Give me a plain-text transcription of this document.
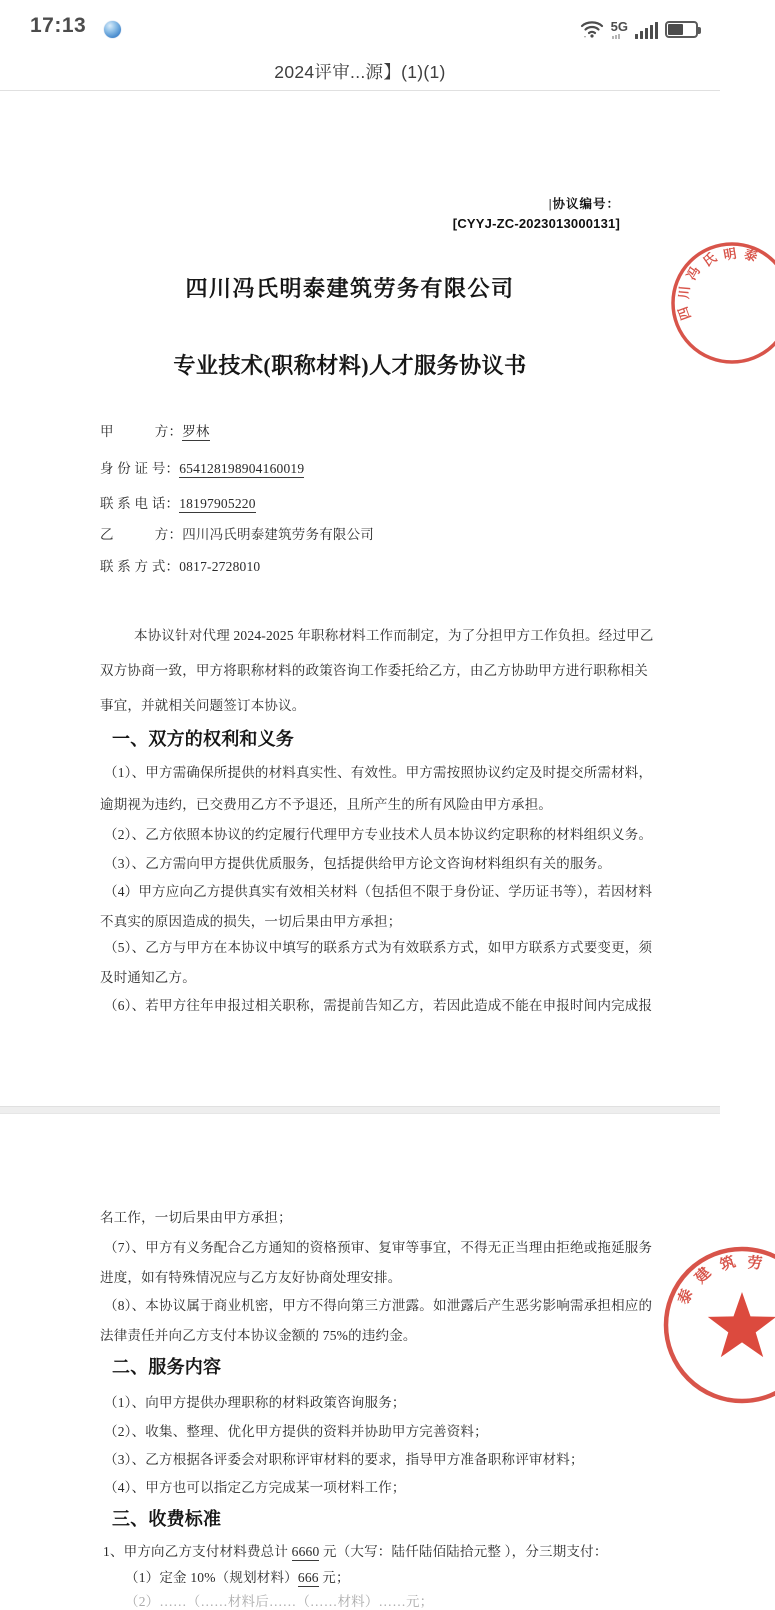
17:13	5G
2024评审...源】(1)(1)
|协议编号：
[CYYJ-ZC-2023013000131]
四川冯氏明泰建筑劳务有限公司
专业技术(职称材料)人才服务协议书
甲　　　方：罗林
身 份 证 号：654128198904160019
联 系 电 话：18197905220
乙　　　方：四川冯氏明泰建筑劳务有限公司
联 系 方 式：0817-2728010
本协议针对代理 2024-2025 年职称材料工作而制定，为了分担甲方工作负担。经过甲乙
双方协商一致，甲方将职称材料的政策咨询工作委托给乙方，由乙方协助甲方进行职称相关
事宜，并就相关问题签订本协议。
一、双方的权利和义务
（1）、甲方需确保所提供的材料真实性、有效性。甲方需按照协议约定及时提交所需材料，
逾期视为违约，已交费用乙方不予退还，且所产生的所有风险由甲方承担。
（2）、乙方依照本协议的约定履行代理甲方专业技术人员本协议约定职称的材料组织义务。
（3）、乙方需向甲方提供优质服务，包括提供给甲方论文咨询材料组织有关的服务。
（4）甲方应向乙方提供真实有效相关材料（包括但不限于身份证、学历证书等），若因材料
不真实的原因造成的损失，一切后果由甲方承担；
（5）、乙方与甲方在本协议中填写的联系方式为有效联系方式，如甲方联系方式要变更，须
及时通知乙方。
（6）、若甲方往年申报过相关职称，需提前告知乙方，若因此造成不能在申报时间内完成报
名工作，一切后果由甲方承担；
（7）、甲方有义务配合乙方通知的资格预审、复审等事宜，不得无正当理由拒绝或拖延服务
进度，如有特殊情况应与乙方友好协商处理安排。
（8）、本协议属于商业机密，甲方不得向第三方泄露。如泄露后产生恶劣影响需承担相应的
法律责任并向乙方支付本协议金额的 75%的违约金。
二、服务内容
（1）、向甲方提供办理职称的材料政策咨询服务；
（2）、收集、整理、优化甲方提供的资料并协助甲方完善资料；
（3）、乙方根据各评委会对职称评审材料的要求，指导甲方准备职称评审材料；
（4）、甲方也可以指定乙方完成某一项材料工作；
三、收费标准
1、甲方向乙方支付材料费总计 6660 元（大写：陆仟陆佰陆拾元整 ），分三期支付：
（1）定金 10%（规划材料）666 元；
（2）……（……材料后……（……材料）……元；
四
川
冯
氏 明 泰
泰
建
筑 劳
